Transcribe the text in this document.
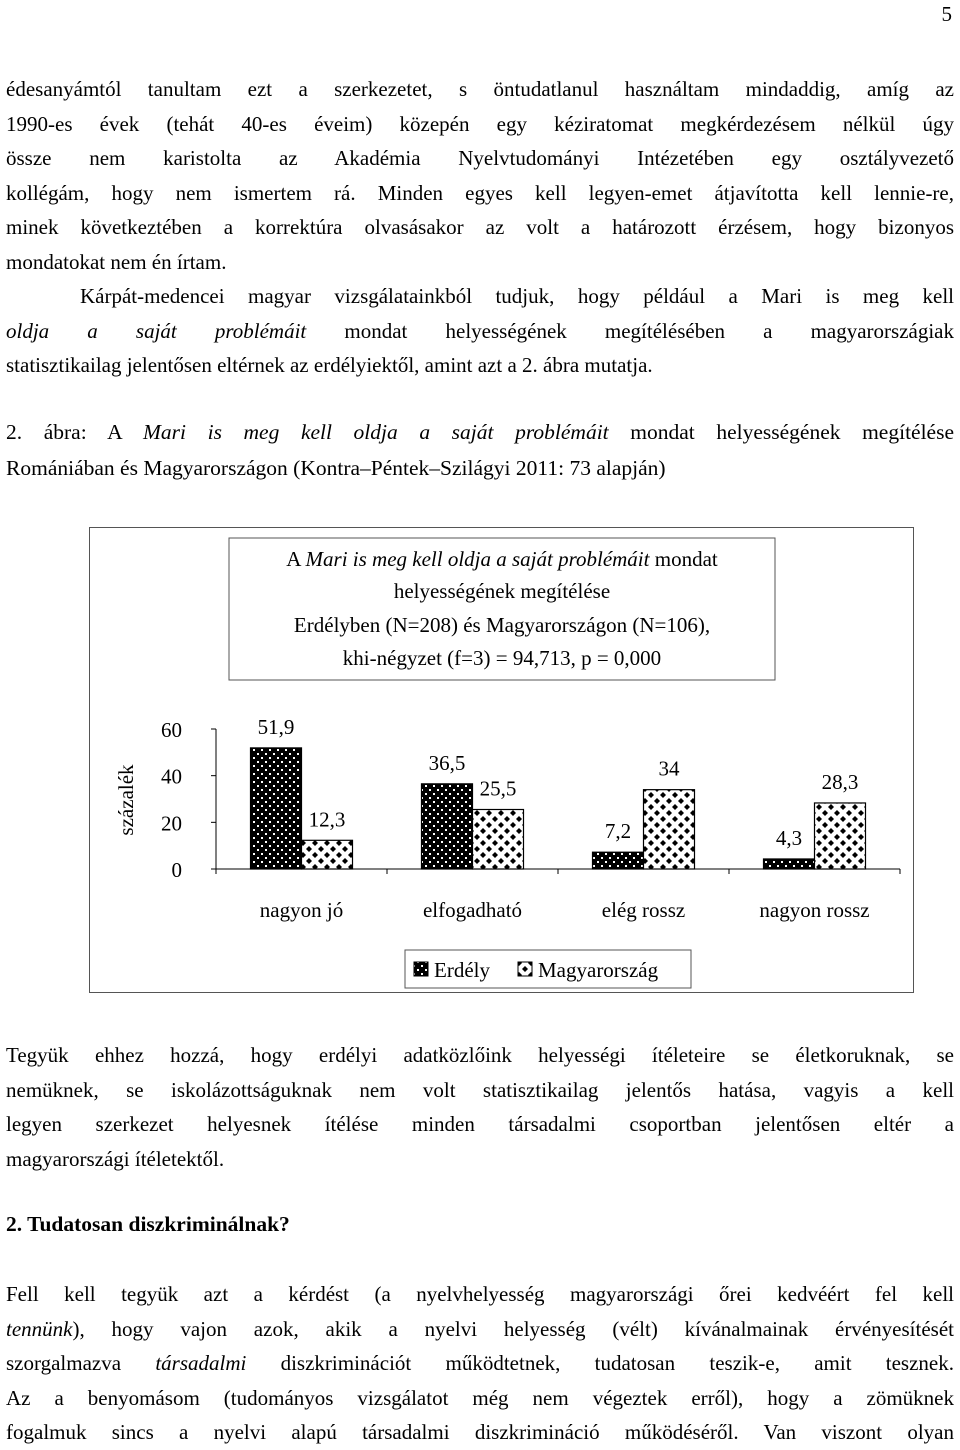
5
édesanyámtól tanultam ezt a szerkezetet, s öntudatlanul használtam mindaddig, amíg az
1990-es évek (tehát 40-es éveim) közepén egy kéziratomat megkérdezésem nélkül úgy
össze nem karistolta az Akadémia Nyelvtudományi Intézetében egy osztályvezető
kollégám, hogy nem ismertem rá. Minden egyes kell legyen-emet átjavította kell lennie-re,
minek következtében a korrektúra olvasásakor az volt a határozott érzésem, hogy bizonyos
mondatokat nem én írtam.
Kárpát-medencei magyar vizsgálatainkból tudjuk, hogy például a Mari is meg kell
oldja a saját problémáit mondat helyességének megítélésében a magyarországiak
statisztikailag jelentősen eltérnek az erdélyiektől, amint azt a 2. ábra mutatja.
2. ábra: A Mari is meg kell oldja a saját problémáit mondat helyességének megítélése
Romániában és Magyarországon (Kontra–Péntek–Szilágyi 2011: 73 alapján)
A Mari is meg kell oldja a saját problémáit mondat
helyességének megítélése
Erdélyben (N=208) és Magyarországon (N=106),
khi-négyzet (f=3) = 94,713, p = 0,000
százalék
0
20
40
60
nagyon jó
51,9
12,3
elfogadható
36,5
25,5
elég rossz
7,2
34
nagyon rossz
4,3
28,3
Erdély Magyarország
Tegyük ehhez hozzá, hogy erdélyi adatközlőink helyességi ítéleteire se életkoruknak, se
nemüknek, se iskolázottságuknak nem volt statisztikailag jelentős hatása, vagyis a kell
legyen szerkezet helyesnek ítélése minden társadalmi csoportban jelentősen eltér a
magyarországi ítéletektől.
2. Tudatosan diszkriminálnak?
Fell kell tegyük azt a kérdést (a nyelvhelyesség magyarországi őrei kedvéért fel kell
tennünk), hogy vajon azok, akik a nyelvi helyesség (vélt) kívánalmainak érvényesítését
szorgalmazva társadalmi diszkriminációt működtetnek, tudatosan teszik-e, amit tesznek.
Az a benyomásom (tudományos vizsgálatot még nem végeztek erről), hogy a zömüknek
fogalmuk sincs a nyelvi alapú társadalmi diszkrimináció működéséről. Van viszont olyan
